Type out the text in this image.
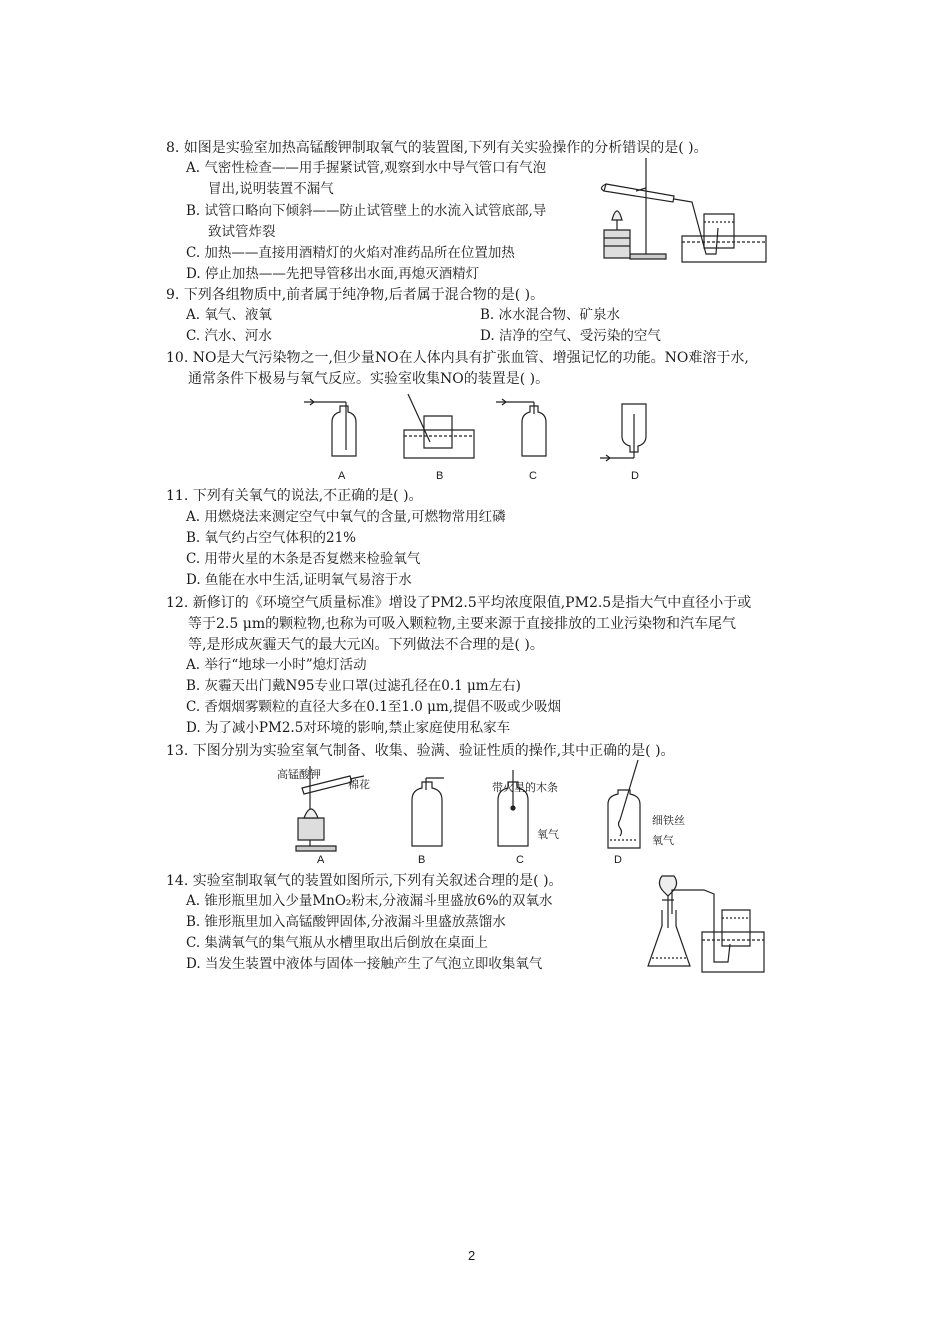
8. 如图是实验室加热高锰酸钾制取氧气的装置图,下列有关实验操作的分析错误的是( )。
A. 气密性检查——用手握紧试管,观察到水中导气管口有气泡
冒出,说明装置不漏气
B. 试管口略向下倾斜——防止试管壁上的水流入试管底部,导
致试管炸裂
C. 加热——直接用酒精灯的火焰对准药品所在位置加热
D. 停止加热——先把导管移出水面,再熄灭酒精灯
9. 下列各组物质中,前者属于纯净物,后者属于混合物的是( )。
A. 氧气、液氧	B. 冰水混合物、矿泉水
C. 汽水、河水	D. 洁净的空气、受污染的空气
10. NO是大气污染物之一,但少量NO在人体内具有扩张血管、增强记忆的功能。NO难溶于水,
通常条件下极易与氧气反应。实验室收集NO的装置是( )。
A	B	C	D
11. 下列有关氧气的说法,不正确的是( )。
A. 用燃烧法来测定空气中氧气的含量,可燃物常用红磷
B. 氧气约占空气体积的21%
C. 用带火星的木条是否复燃来检验氧气
D. 鱼能在水中生活,证明氧气易溶于水
12. 新修订的《环境空气质量标准》增设了PM2.5平均浓度限值,PM2.5是指大气中直径小于或
等于2.5 μm的颗粒物,也称为可吸入颗粒物,主要来源于直接排放的工业污染物和汽车尾气
等,是形成灰霾天气的最大元凶。下列做法不合理的是( )。
A. 举行“地球一小时”熄灯活动
B. 灰霾天出门戴N95专业口罩(过滤孔径在0.1 μm左右)
C. 香烟烟雾颗粒的直径大多在0.1至1.0 μm,提倡不吸或少吸烟
D. 为了减小PM2.5对环境的影响,禁止家庭使用私家车
13. 下图分别为实验室氧气制备、收集、验满、验证性质的操作,其中正确的是( )。
高锰酸钾
棉花	带火星的木条
氧气
细铁丝
氧气
A	B	C	D
14. 实验室制取氧气的装置如图所示,下列有关叙述合理的是( )。
A. 锥形瓶里加入少量MnO₂粉末,分液漏斗里盛放6%的双氧水
B. 锥形瓶里加入高锰酸钾固体,分液漏斗里盛放蒸馏水
C. 集满氧气的集气瓶从水槽里取出后倒放在桌面上
D. 当发生装置中液体与固体一接触产生了气泡立即收集氧气
2
